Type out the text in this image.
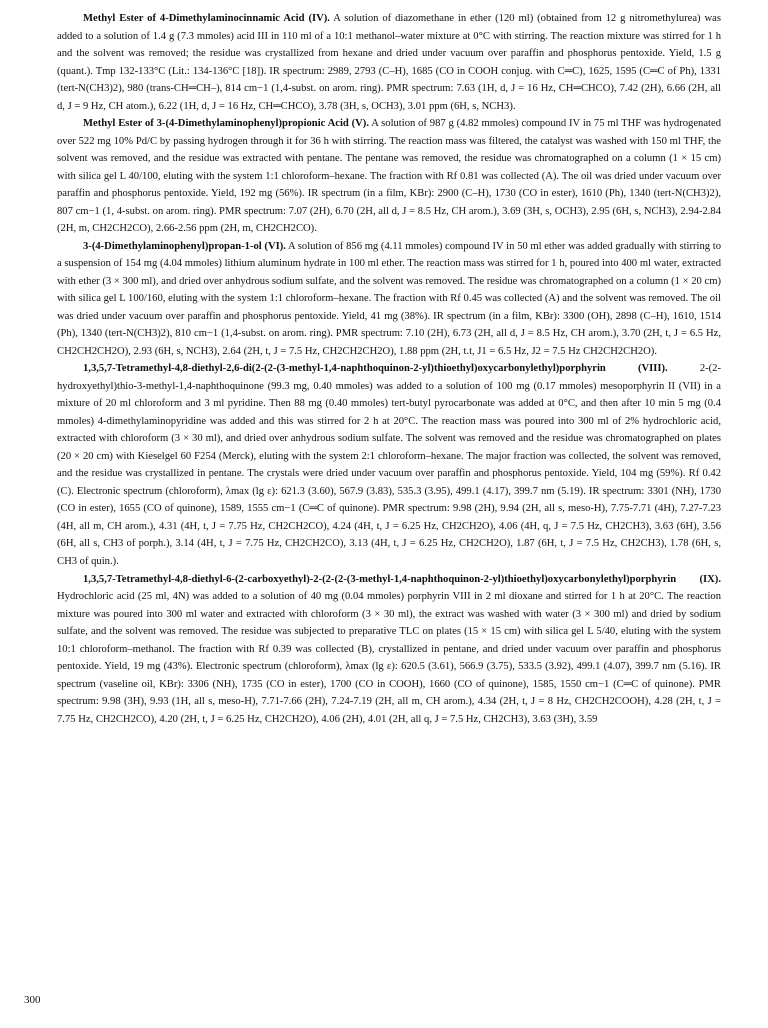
Methyl Ester of 4-Dimethylaminocinnamic Acid (IV). A solution of diazomethane in ether (120 ml) (obtained from 12 g nitromethylurea) was added to a solution of 1.4 g (7.3 mmoles) acid III in 110 ml of a 10:1 methanol–water mixture at 0°C with stirring. The reaction mixture was stirred for 1 h and the solvent was removed; the residue was crystallized from hexane and dried under vacuum over paraffin and phosphorus pentoxide. Yield, 1.5 g (quant.). Tmp 132-133°C (Lit.: 134-136°C [18]). IR spectrum: 2989, 2793 (C–H), 1685 (CO in COOH conjug. with C═C), 1625, 1595 (C═C of Ph), 1331 (tert-N(CH3)2), 980 (trans-CH═CH–), 814 cm−1 (1,4-subst. on arom. ring). PMR spectrum: 7.63 (1H, d, J = 16 Hz, CH═CHCO), 7.42 (2H), 6.66 (2H, all d, J = 9 Hz, CH atom.), 6.22 (1H, d, J = 16 Hz, CH═CHCO), 3.78 (3H, s, OCH3), 3.01 ppm (6H, s, NCH3).

Methyl Ester of 3-(4-Dimethylaminophenyl)propionic Acid (V). A solution of 987 g (4.82 mmoles) compound IV in 75 ml THF was hydrogenated over 522 mg 10% Pd/C by passing hydrogen through it for 36 h with stirring. The reaction mass was filtered, the catalyst was washed with 150 ml THF, the solvent was removed, and the residue was extracted with pentane. The pentane was removed, the residue was chromatographed on a column (1 × 15 cm) with silica gel L 40/100, eluting with the system 1:1 chloroform–hexane. The fraction with Rf 0.81 was collected (A). The oil was dried under vacuum over paraffin and phosphorus pentoxide. Yield, 192 mg (56%). IR spectrum (in a film, KBr): 2900 (C–H), 1730 (CO in ester), 1610 (Ph), 1340 (tert-N(CH3)2), 807 cm−1 (1, 4-subst. on arom. ring). PMR spectrum: 7.07 (2H), 6.70 (2H, all d, J = 8.5 Hz, CH arom.), 3.69 (3H, s, OCH3), 2.95 (6H, s, NCH3), 2.94-2.84 (2H, m, CH2CH2CO), 2.66-2.56 ppm (2H, m, CH2CH2CO).

3-(4-Dimethylaminophenyl)propan-1-ol (VI). A solution of 856 mg (4.11 mmoles) compound IV in 50 ml ether was added gradually with stirring to a suspension of 154 mg (4.04 mmoles) lithium aluminum hydrate in 100 ml ether. The reaction mass was stirred for 1 h, poured into 400 ml water, extracted with ether (3 × 300 ml), and dried over anhydrous sodium sulfate, and the solvent was removed. The residue was chromatographed on a column (1 × 20 cm) with silica gel L 100/160, eluting with the system 1:1 chloroform–hexane. The fraction with Rf 0.45 was collected (A) and the solvent was removed. The oil was dried under vacuum over paraffin and phosphorus pentoxide. Yield, 41 mg (38%). IR spectrum (in a film, KBr): 3300 (OH), 2898 (C–H), 1610, 1514 (Ph), 1340 (tert-N(CH3)2), 810 cm−1 (1,4-subst. on arom. ring). PMR spectrum: 7.10 (2H), 6.73 (2H, all d, J = 8.5 Hz, CH arom.), 3.70 (2H, t, J = 6.5 Hz, CH2CH2CH2O), 2.93 (6H, s, NCH3), 2.64 (2H, t, J = 7.5 Hz, CH2CH2CH2O), 1.88 ppm (2H, t.t, J1 = 6.5 Hz, J2 = 7.5 Hz CH2CH2CH2O).

1,3,5,7-Tetramethyl-4,8-diethyl-2,6-di(2-(2-(3-methyl-1,4-naphthoquinon-2-yl)thioethyl)oxycarbonylethyl)porphyrin (VIII).	2-(2-hydroxyethyl)thio-3-methyl-1,4-naphthoquinone (99.3 mg, 0.40 mmoles) was added to a solution of 100 mg (0.17 mmoles) mesoporphyrin II (VII) in a mixture of 20 ml chloroform and 3 ml pyridine. Then 88 mg (0.40 mmoles) tert-butyl pyrocarbonate was added at 0°C, and then after 10 min 5 mg (0.4 mmoles) 4-dimethylaminopyridine was added and this was stirred for 2 h at 20°C. The reaction mass was poured into 300 ml of 2% hydrochloric acid, extracted with chloroform (3 × 30 ml), and dried over anhydrous sodium sulfate. The solvent was removed and the residue was chromatographed on plates (20 × 20 cm) with Kieselgel 60 F254 (Merck), eluting with the system 2:1 chloroform–hexane. The major fraction was collected, the solvent was removed, and the residue was crystallized in pentane. The crystals were dried under vacuum over paraffin and phosphorus pentoxide. Yield, 104 mg (59%). Rf 0.42 (C). Electronic spectrum (chloroform), λmax (lg ε): 621.3 (3.60), 567.9 (3.83), 535.3 (3.95), 499.1 (4.17), 399.7 nm (5.19). IR spectrum: 3301 (NH), 1730 (CO in ester), 1655 (CO of quinone), 1589, 1555 cm−1 (C═C of quinone). PMR spectrum: 9.98 (2H), 9.94 (2H, all s, meso-H), 7.75-7.71 (4H), 7.27-7.23 (4H, all m, CH arom.), 4.31 (4H, t, J = 7.75 Hz, CH2CH2CO), 4.24 (4H, t, J = 6.25 Hz, CH2CH2O), 4.06 (4H, q, J = 7.5 Hz, CH2CH3), 3.63 (6H), 3.56 (6H, all s, CH3 of porph.), 3.14 (4H, t, J = 7.75 Hz, CH2CH2CO), 3.13 (4H, t, J = 6.25 Hz, CH2CH2O), 1.87 (6H, t, J = 7.5 Hz, CH2CH3), 1.78 (6H, s, CH3 of quin.).

1,3,5,7-Tetramethyl-4,8-diethyl-6-(2-carboxyethyl)-2-(2-(2-(3-methyl-1,4-naphthoquinon-2-yl)thioethyl)oxycarbonylethyl)porphyrin (IX). Hydrochloric acid (25 ml, 4N) was added to a solution of 40 mg (0.04 mmoles) porphyrin VIII in 2 ml dioxane and stirred for 1 h at 20°C. The reaction mixture was poured into 300 ml water and extracted with chloroform (3 × 30 ml), the extract was washed with water (3 × 300 ml) and dried by sodium sulfate, and the solvent was removed. The residue was subjected to preparative TLC on plates (15 × 15 cm) with silica gel L 5/40, eluting with the system 10:1 chloroform–methanol. The fraction with Rf 0.39 was collected (B), crystallized in pentane, and dried under vacuum over paraffin and phosphorus pentoxide. Yield, 19 mg (43%). Electronic spectrum (chloroform), λmax (lg ε): 620.5 (3.61), 566.9 (3.75), 533.5 (3.92), 499.1 (4.07), 399.7 nm (5.16). IR spectrum (vaseline oil, KBr): 3306 (NH), 1735 (CO in ester), 1700 (CO in COOH), 1660 (CO of quinone), 1585, 1550 cm−1 (C═C of quinone). PMR spectrum: 9.98 (3H), 9.93 (1H, all s, meso-H), 7.71-7.66 (2H), 7.24-7.19 (2H, all m, CH arom.), 4.34 (2H, t, J = 8 Hz, CH2CH2COOH), 4.28 (2H, t, J = 7.75 Hz, CH2CH2CO), 4.20 (2H, t, J = 6.25 Hz, CH2CH2O), 4.06 (2H), 4.01 (2H, all q, J = 7.5 Hz, CH2CH3), 3.63 (3H), 3.59

300
